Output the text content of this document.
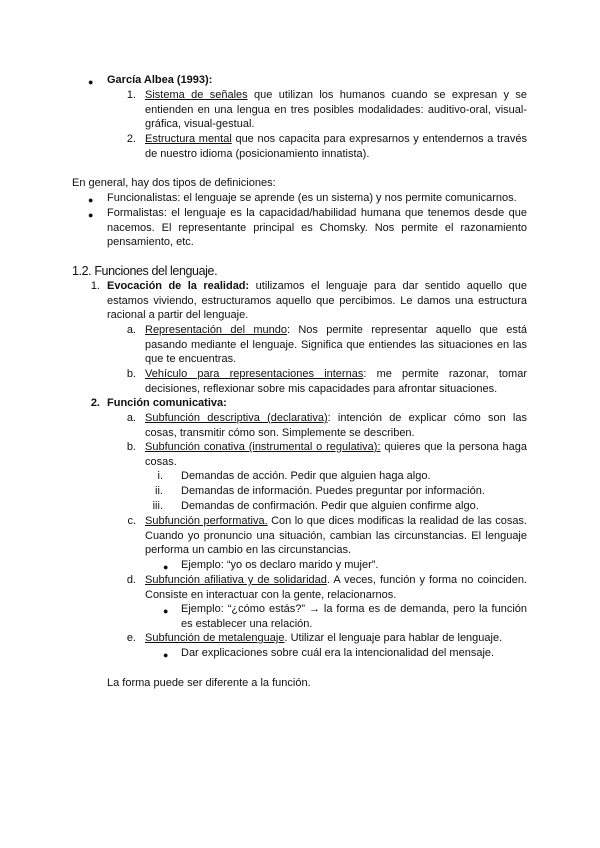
● García Albea (1993):
1. Sistema de señales que utilizan los humanos cuando se expresan y se entienden en una lengua en tres posibles modalidades: auditivo-oral, visual-gráfica, visual-gestual.
2. Estructura mental que nos capacita para expresarnos y entendernos a través de nuestro idioma (posicionamiento innatista).
En general, hay dos tipos de definiciones:
● Funcionalistas: el lenguaje se aprende (es un sistema) y nos permite comunicarnos.
● Formalistas: el lenguaje es la capacidad/habilidad humana que tenemos desde que nacemos. El representante principal es Chomsky. Nos permite el razonamiento pensamiento, etc.
1.2. Funciones del lenguaje.
1. Evocación de la realidad: utilizamos el lenguaje para dar sentido aquello que estamos viviendo, estructuramos aquello que percibimos. Le damos una estructura racional a partir del lenguaje.
a. Representación del mundo: Nos permite representar aquello que está pasando mediante el lenguaje. Significa que entiendes las situaciones en las que te encuentras.
b. Vehículo para representaciones internas: me permite razonar, tomar decisiones, reflexionar sobre mis capacidades para afrontar situaciones.
2. Función comunicativa:
a. Subfunción descriptiva (declarativa): intención de explicar cómo son las cosas, transmitir cómo son. Simplemente se describen.
b. Subfunción conativa (instrumental o regulativa): quieres que la persona haga cosas.
i. Demandas de acción. Pedir que alguien haga algo.
ii. Demandas de información. Puedes preguntar por información.
iii. Demandas de confirmación. Pedir que alguien confirme algo.
c. Subfunción performativa. Con lo que dices modificas la realidad de las cosas. Cuando yo pronuncio una situación, cambian las circunstancias. El lenguaje performa un cambio en las circunstancias.
● Ejemplo: “yo os declaro marido y mujer”.
d. Subfunción afiliativa y de solidaridad. A veces, función y forma no coinciden. Consiste en interactuar con la gente, relacionarnos.
● Ejemplo: “¿cómo estás?” → la forma es de demanda, pero la función es establecer una relación.
e. Subfunción de metalenguaje. Utilizar el lenguaje para hablar de lenguaje.
● Dar explicaciones sobre cuál era la intencionalidad del mensaje.
La forma puede ser diferente a la función.
